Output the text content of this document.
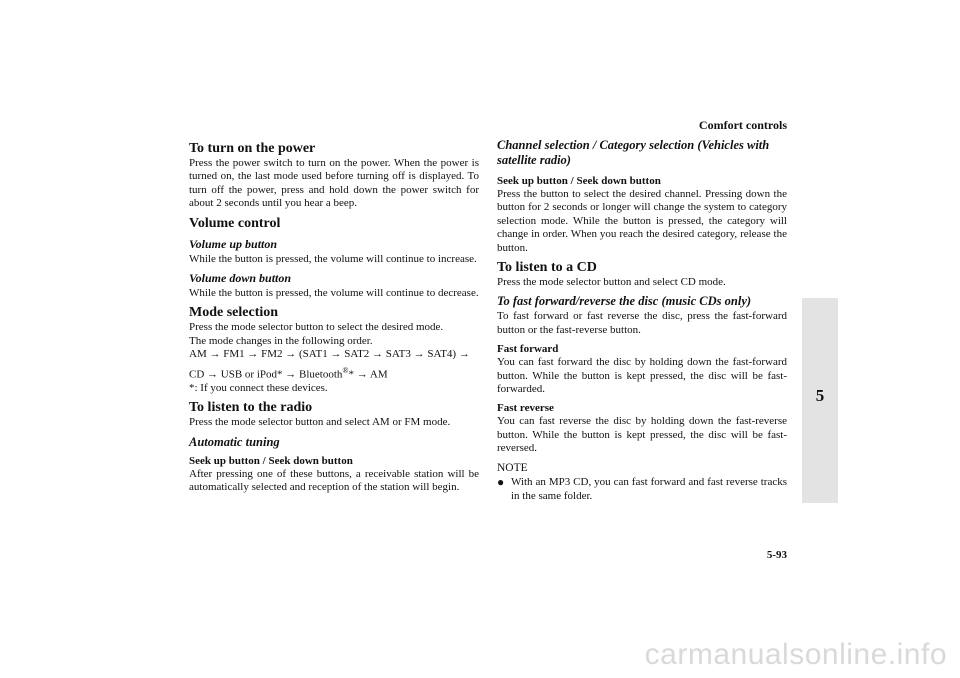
Comfort controls
5
To turn on the power

Press the power switch to turn on the power. When the power is turned on, the last mode used before turning off is displayed. To turn off the power, press and hold down the power switch for about 2 seconds until you hear a beep.

Volume control
Volume up button

While the button is pressed, the volume will continue to increase.

Volume down button

While the button is pressed, the volume will continue to decrease.

Mode selection

Press the mode selector button to select the desired mode.

The mode changes in the following order.

AM → FM1 → FM2 → (SAT1 → SAT2 → SAT3 → SAT4) →

CD → USB or iPod* → Bluetooth®* → AM

*: If you connect these devices.

To listen to the radio

Press the mode selector button and select AM or FM mode.

Automatic tuning
Seek up button / Seek down button

After pressing one of these buttons, a receivable station will be automatically selected and reception of the station will begin.

Channel selection / Category selection (Vehicles with satellite radio)
Seek up button / Seek down button

Press the button to select the desired channel. Pressing down the button for 2 seconds or longer will change the system to category selection mode. While the button is pressed, the category will change in order. When you reach the desired category, release the button.

To listen to a CD

Press the mode selector button and select CD mode.

To fast forward/reverse the disc (music CDs only)

To fast forward or fast reverse the disc, press the fast-forward button or the fast-reverse button.

Fast forward

You can fast forward the disc by holding down the fast-forward button. While the button is kept pressed, the disc will be fast-forwarded.

Fast reverse

You can fast reverse the disc by holding down the fast-reverse button. While the button is kept pressed, the disc will be fast-reversed.

NOTE
● With an MP3 CD, you can fast forward and fast reverse tracks in the same folder.

5-93
carmanualsonline.info
